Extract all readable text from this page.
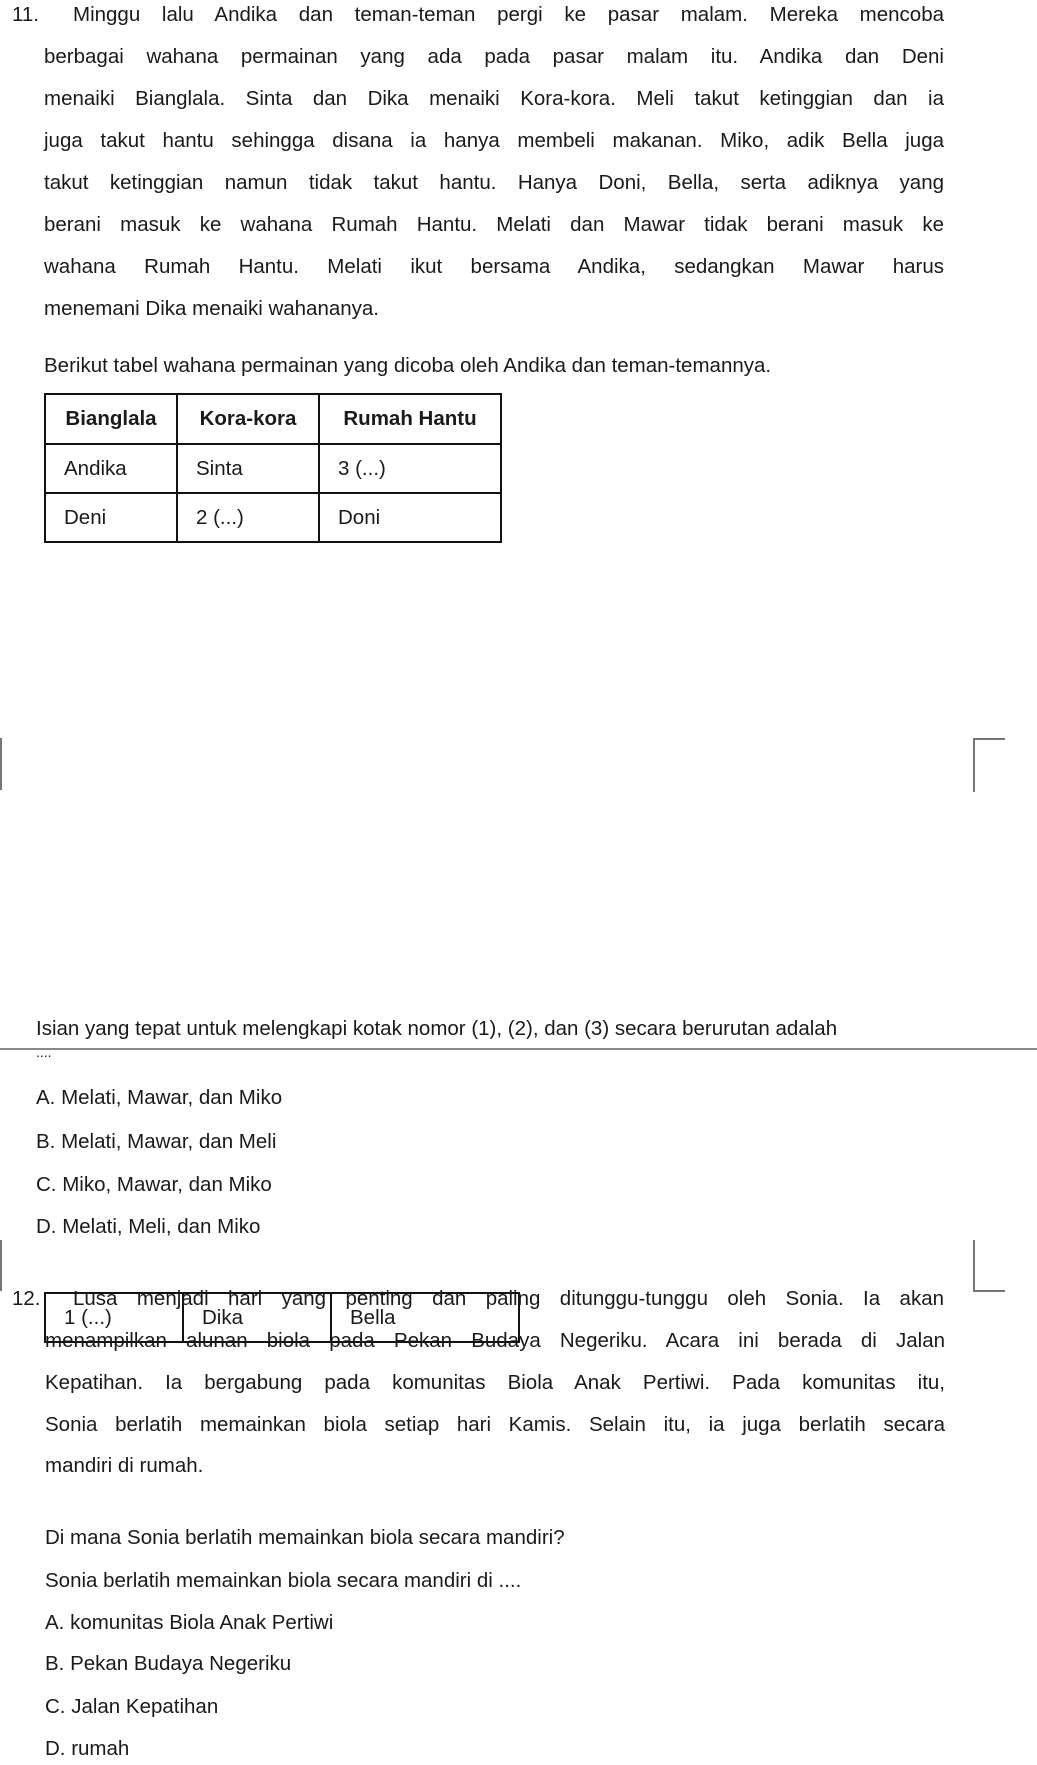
11. Minggu lalu Andika dan teman-teman pergi ke pasar malam. Mereka mencoba
berbagai wahana permainan yang ada pada pasar malam itu. Andika dan Deni
menaiki Bianglala. Sinta dan Dika menaiki Kora-kora. Meli takut ketinggian dan ia
juga takut hantu sehingga disana ia hanya membeli makanan. Miko, adik Bella juga
takut ketinggian namun tidak takut hantu. Hanya Doni, Bella, serta adiknya yang
berani masuk ke wahana Rumah Hantu. Melati dan Mawar tidak berani masuk ke
wahana Rumah Hantu. Melati ikut bersama Andika, sedangkan Mawar harus
menemani Dika menaiki wahananya.
Berikut tabel wahana permainan yang dicoba oleh Andika dan teman-temannya.
Bianglala	Kora-kora	Rumah Hantu
Andika	Sinta	3 (...)
Deni	2 (...)	Doni
1 (...)	Dika	Bella
Isian yang tepat untuk melengkapi kotak nomor (1), (2), dan (3) secara berurutan adalah
....
A. Melati, Mawar, dan Miko
B. Melati, Mawar, dan Meli
C. Miko, Mawar, dan Miko
D. Melati, Meli, dan Miko
12. Lusa menjadi hari yang penting dan paling ditunggu-tunggu oleh Sonia. Ia akan
menampilkan alunan biola pada Pekan Budaya Negeriku. Acara ini berada di Jalan
Kepatihan. Ia bergabung pada komunitas Biola Anak Pertiwi. Pada komunitas itu,
Sonia berlatih memainkan biola setiap hari Kamis. Selain itu, ia juga berlatih secara
mandiri di rumah.
Di mana Sonia berlatih memainkan biola secara mandiri?
Sonia berlatih memainkan biola secara mandiri di ....
A. komunitas Biola Anak Pertiwi
B. Pekan Budaya Negeriku
C. Jalan Kepatihan
D. rumah
